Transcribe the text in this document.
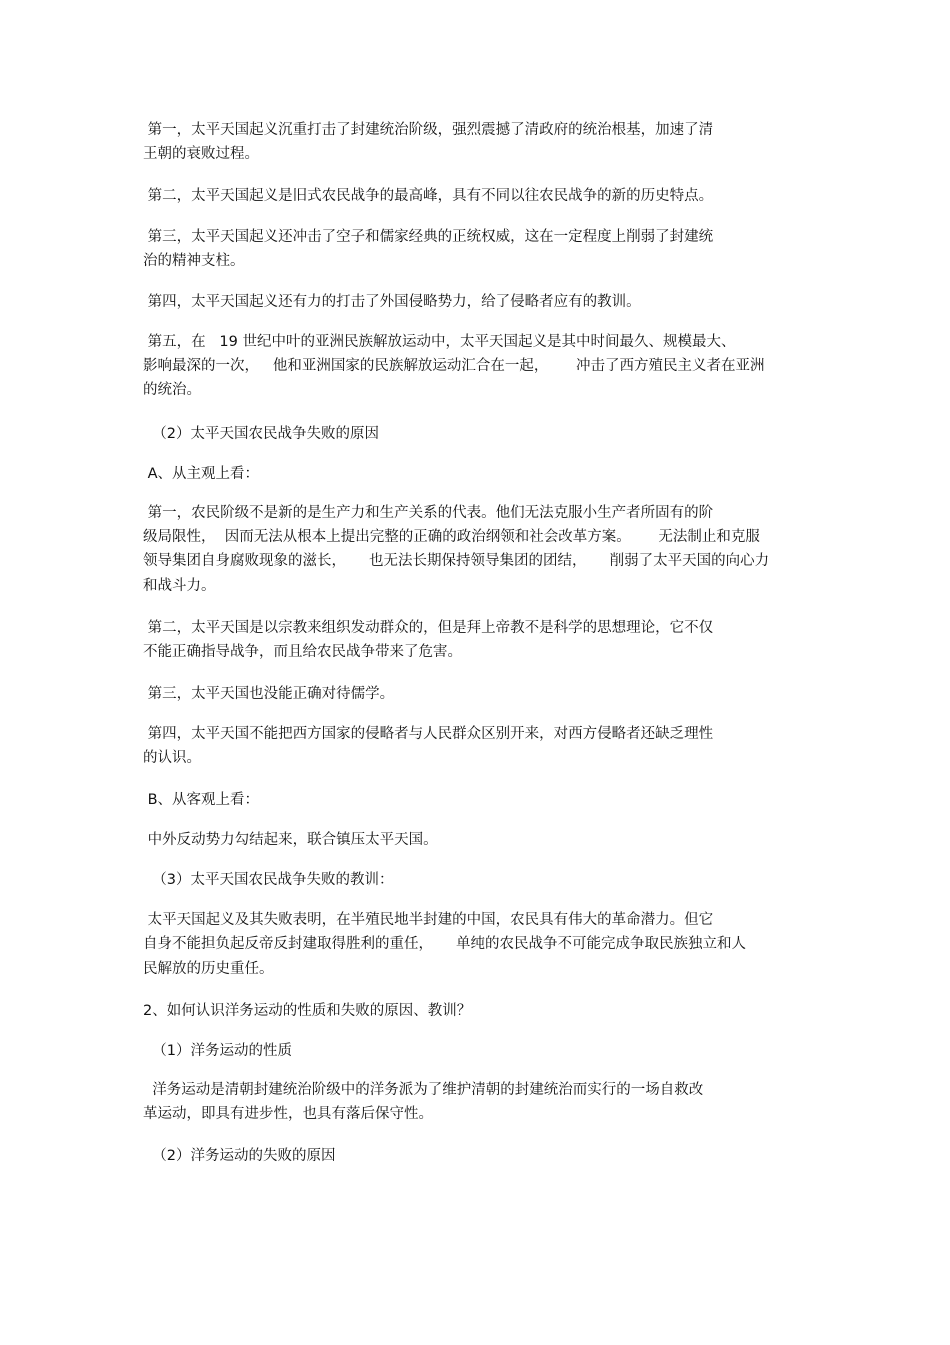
第一，太平天国起义沉重打击了封建统治阶级，强烈震撼了清政府的统治根基，加速了清

王朝的衰败过程。

第二，太平天国起义是旧式农民战争的最高峰，具有不同以往农民战争的新的历史特点。

第三，太平天国起义还冲击了空子和儒家经典的正统权威，这在一定程度上削弱了封建统

治的精神支柱。

第四，太平天国起义还有力的打击了外国侵略势力，给了侵略者应有的教训。

第五，在   19 世纪中叶的亚洲民族解放运动中，太平天国起义是其中时间最久、规模最大、

影响最深的一次，   他和亚洲国家的民族解放运动汇合在一起，      冲击了西方殖民主义者在亚洲

的统治。

（2）太平天国农民战争失败的原因

A、从主观上看：

第一，农民阶级不是新的是生产力和生产关系的代表。他们无法克服小生产者所固有的阶

级局限性，  因而无法从根本上提出完整的正确的政治纲领和社会改革方案。      无法制止和克服

领导集团自身腐败现象的滋长，     也无法长期保持领导集团的团结，     削弱了太平天国的向心力

和战斗力。

第二，太平天国是以宗教来组织发动群众的，但是拜上帝教不是科学的思想理论，它不仅

不能正确指导战争，而且给农民战争带来了危害。

第三，太平天国也没能正确对待儒学。

第四，太平天国不能把西方国家的侵略者与人民群众区别开来，对西方侵略者还缺乏理性

的认识。

B、从客观上看：

中外反动势力勾结起来，联合镇压太平天国。

（3）太平天国农民战争失败的教训：

太平天国起义及其失败表明，在半殖民地半封建的中国，农民具有伟大的革命潜力。但它

自身不能担负起反帝反封建取得胜利的重任，     单纯的农民战争不可能完成争取民族独立和人

民解放的历史重任。

2、如何认识洋务运动的性质和失败的原因、教训？

（1）洋务运动的性质

洋务运动是清朝封建统治阶级中的洋务派为了维护清朝的封建统治而实行的一场自救改

革运动，即具有进步性，也具有落后保守性。

（2）洋务运动的失败的原因
